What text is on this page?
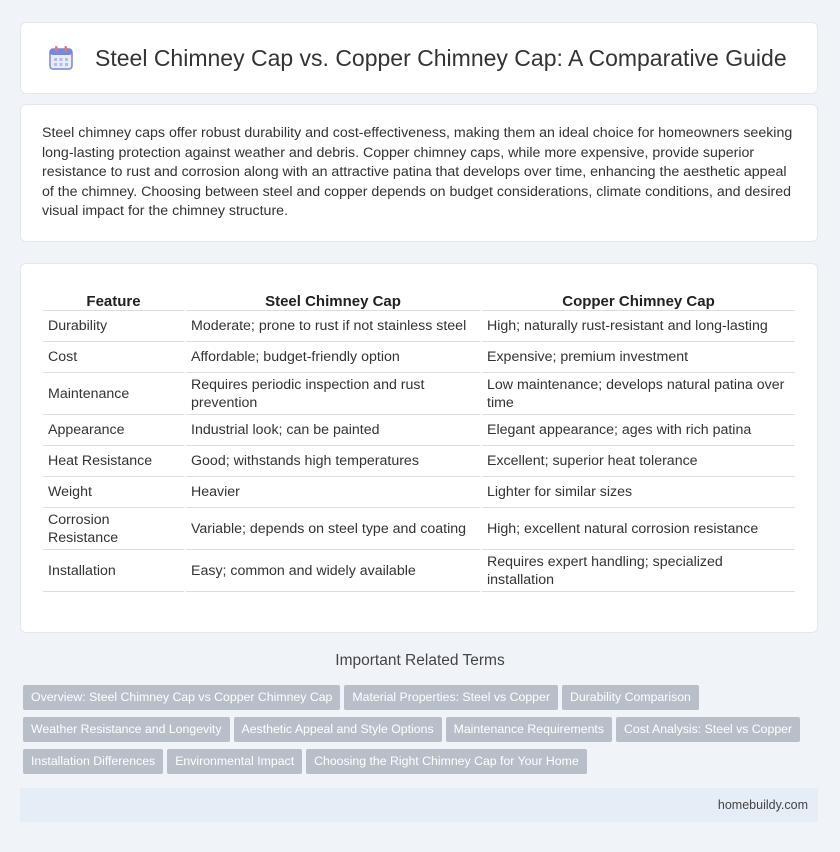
Steel Chimney Cap vs. Copper Chimney Cap: A Comparative Guide

Steel chimney caps offer robust durability and cost-effectiveness, making them an ideal choice for homeowners seeking long-lasting protection against weather and debris. Copper chimney caps, while more expensive, provide superior resistance to rust and corrosion along with an attractive patina that develops over time, enhancing the aesthetic appeal of the chimney. Choosing between steel and copper depends on budget considerations, climate conditions, and desired visual impact for the chimney structure.

Feature		Steel Chimney Cap		Copper Chimney Cap
Durability		Moderate; prone to rust if not stainless steel		High; naturally rust-resistant and long-lasting
Cost		Affordable; budget-friendly option		Expensive; premium investment
Maintenance		Requires periodic inspection and rust prevention		Low maintenance; develops natural patina over time
Appearance		Industrial look; can be painted		Elegant appearance; ages with rich patina
Heat Resistance		Good; withstands high temperatures		Excellent; superior heat tolerance
Weight		Heavier		Lighter for similar sizes
Corrosion Resistance		Variable; depends on steel type and coating		High; excellent natural corrosion resistance
Installation		Easy; common and widely available		Requires expert handling; specialized installation
Important Related Terms
Overview: Steel Chimney Cap vs Copper Chimney Cap Material Properties: Steel vs Copper Durability Comparison
Weather Resistance and Longevity Aesthetic Appeal and Style Options Maintenance Requirements Cost Analysis: Steel vs Copper
Installation Differences Environmental Impact Choosing the Right Chimney Cap for Your Home
homebuildy.com
